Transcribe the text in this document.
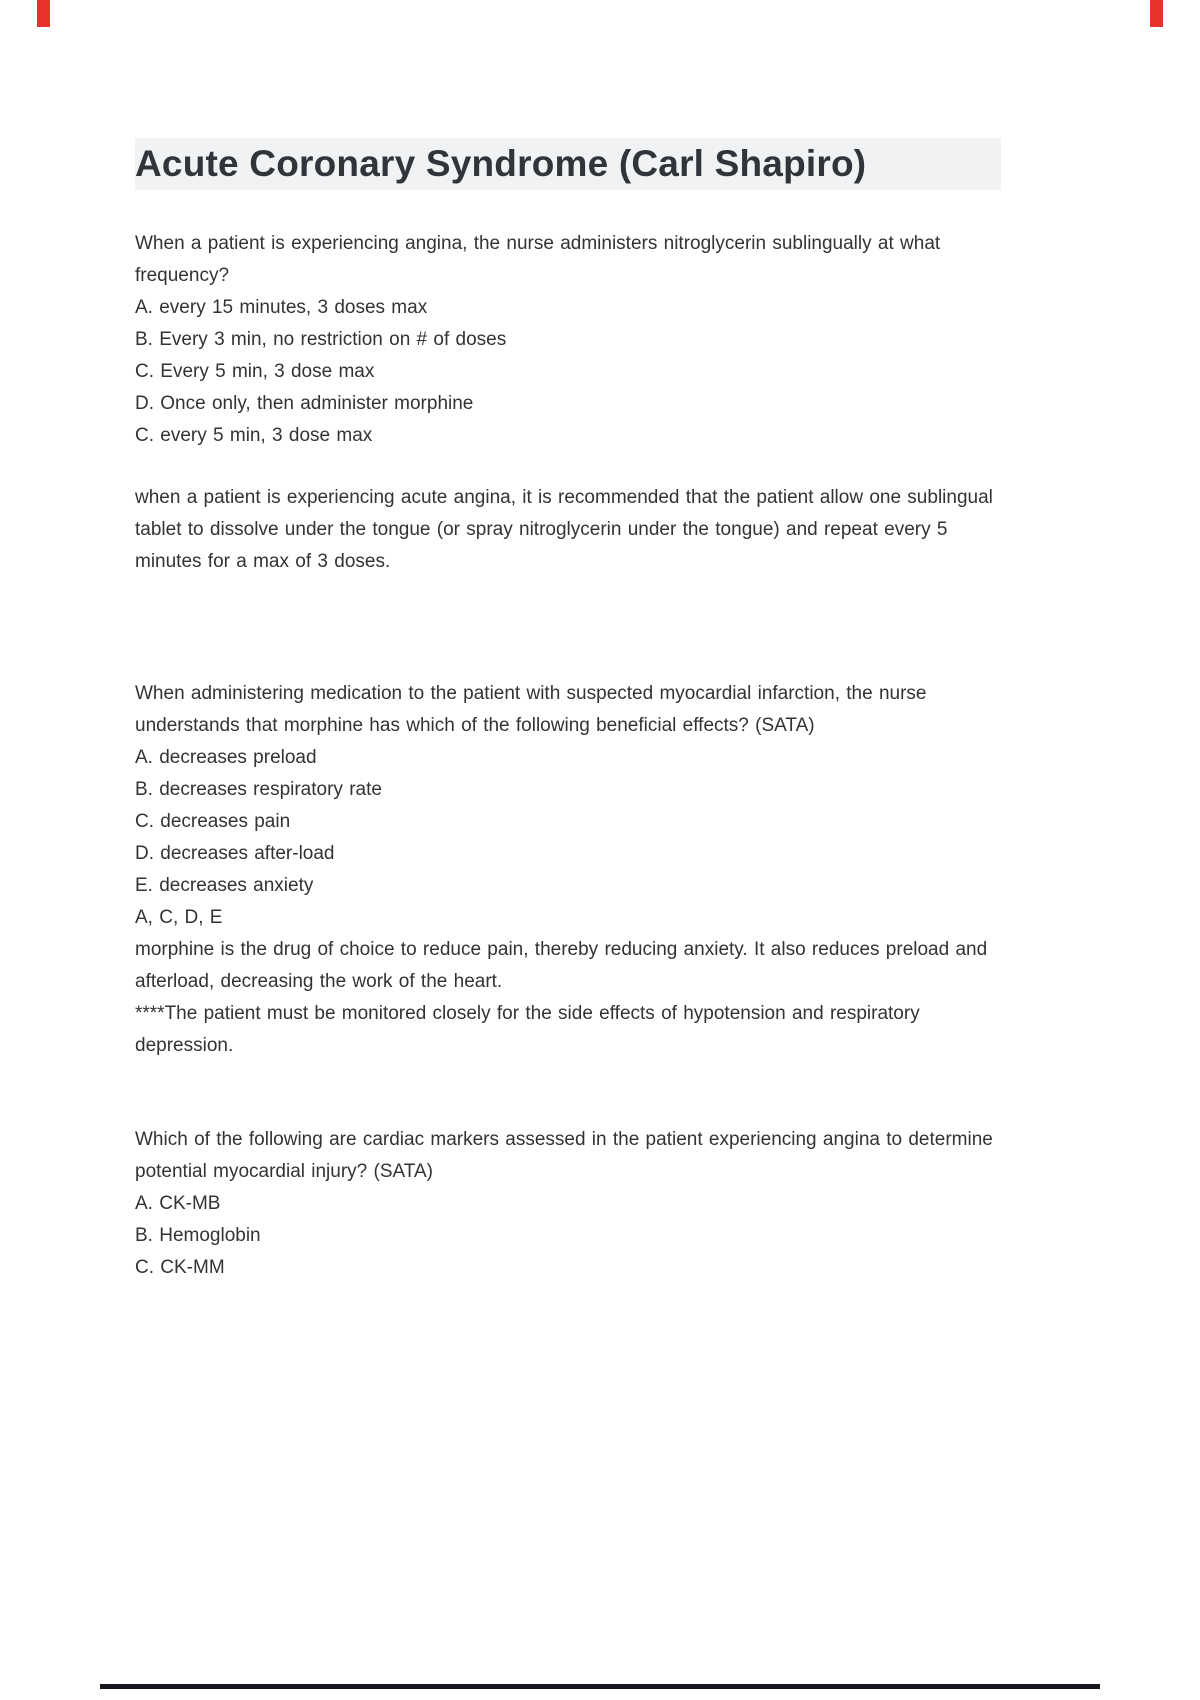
Acute Coronary Syndrome (Carl Shapiro)

When a patient is experiencing angina, the nurse administers nitroglycerin sublingually at what frequency?

A. every 15 minutes, 3 doses max

B. Every 3 min, no restriction on # of doses

C. Every 5 min, 3 dose max

D. Once only, then administer morphine

C. every 5 min, 3 dose max

when a patient is experiencing acute angina, it is recommended that the patient allow one sublingual tablet to dissolve under the tongue (or spray nitroglycerin under the tongue) and repeat every 5 minutes for a max of 3 doses.

When administering medication to the patient with suspected myocardial infarction, the nurse understands that morphine has which of the following beneficial effects? (SATA)

A. decreases preload

B. decreases respiratory rate

C. decreases pain

D. decreases after-load

E. decreases anxiety

A, C, D, E

morphine is the drug of choice to reduce pain, thereby reducing anxiety. It also reduces preload and afterload, decreasing the work of the heart.

****The patient must be monitored closely for the side effects of hypotension and respiratory depression.

Which of the following are cardiac markers assessed in the patient experiencing angina to determine potential myocardial injury? (SATA)

A. CK-MB

B. Hemoglobin

C. CK-MM
